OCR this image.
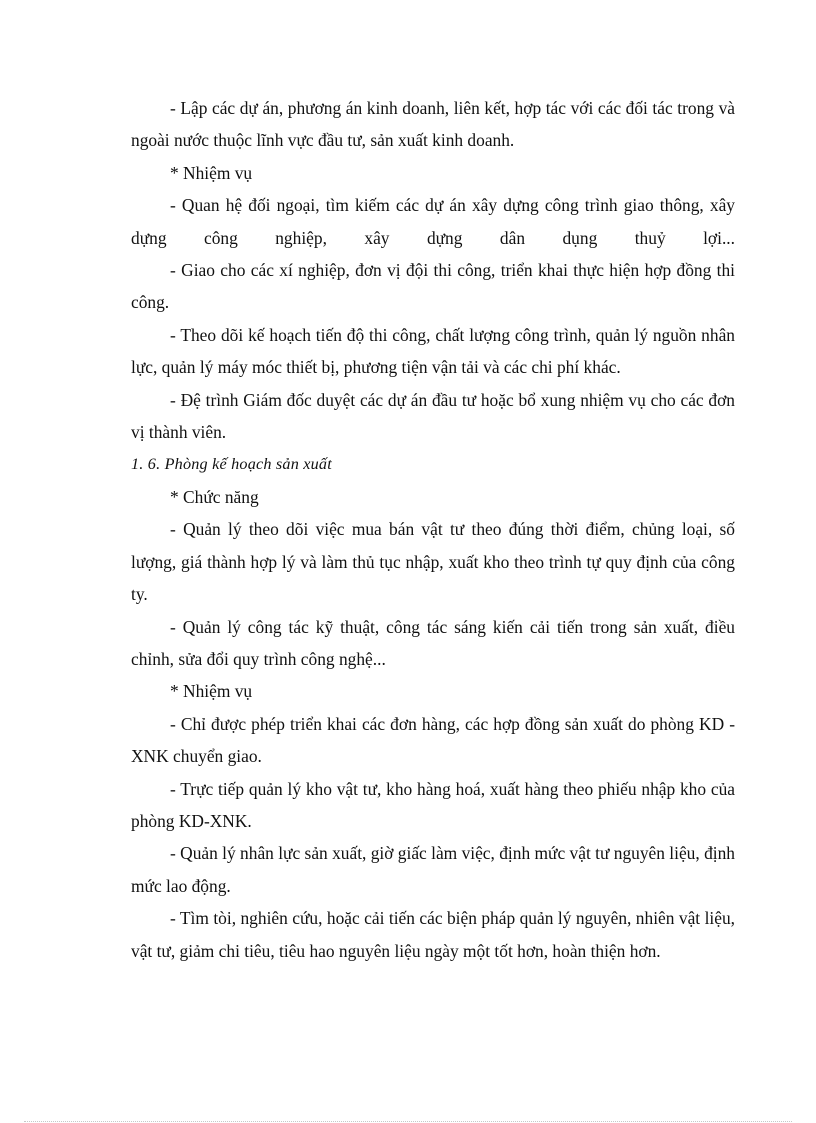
- Lập các dự án, phương án kinh doanh, liên kết, hợp tác với các đối tác trong và ngoài nước thuộc lĩnh vực đầu tư, sản xuất kinh doanh.

* Nhiệm vụ

- Quan hệ đối ngoại, tìm kiếm các dự án xây dựng công trình giao thông, xây dựng công nghiệp, xây dựng dân dụng thuỷ lợi...

- Giao cho các xí nghiệp, đơn vị đội thi công, triển khai thực hiện hợp đồng thi công.

- Theo dõi kế hoạch tiến độ thi công, chất lượng công trình, quản lý nguồn nhân lực, quản lý máy móc thiết bị, phương tiện vận tải và các chi phí khác.

- Đệ trình Giám đốc duyệt các dự án đầu tư hoặc bổ xung nhiệm vụ cho các đơn vị thành viên.

1. 6. Phòng kế hoạch sản xuất

* Chức năng

- Quản lý theo dõi việc mua bán vật tư theo đúng thời điểm, chủng loại, số lượng, giá thành hợp lý và làm thủ tục nhập, xuất kho theo trình tự quy định của công ty.

- Quản lý công tác kỹ thuật, công tác sáng kiến cải tiến trong sản xuất, điều chỉnh, sửa đổi quy trình công nghệ...

* Nhiệm vụ

- Chỉ được phép triển khai các đơn hàng, các hợp đồng sản xuất do phòng KD - XNK chuyển giao.

- Trực tiếp quản lý kho vật tư, kho hàng hoá, xuất hàng theo phiếu nhập kho của phòng KD-XNK.

- Quản lý nhân lực sản xuất, giờ giấc làm việc, định mức vật tư nguyên liệu, định mức lao động.

- Tìm tòi, nghiên cứu, hoặc cải tiến các biện pháp quản lý nguyên, nhiên vật liệu, vật tư, giảm chi tiêu, tiêu hao nguyên liệu ngày một tốt hơn, hoàn thiện hơn.
